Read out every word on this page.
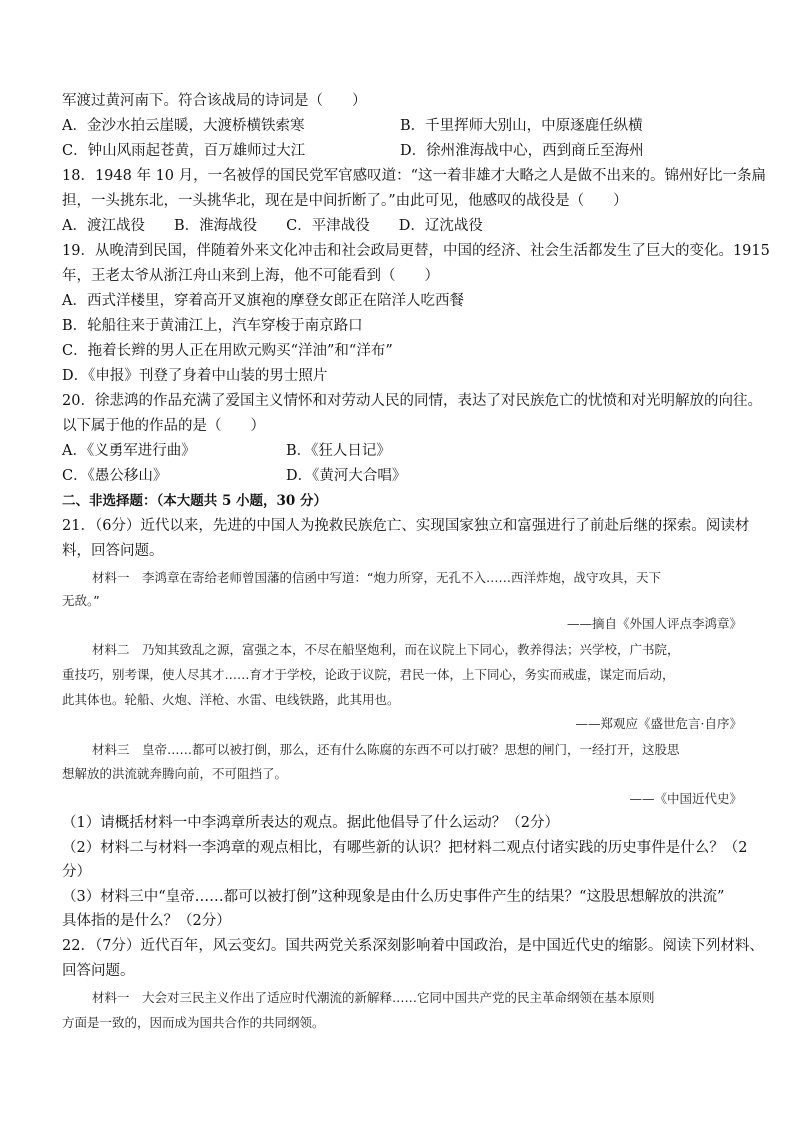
军渡过黄河南下。符合该战局的诗词是（　　）
A．金沙水拍云崖暖，大渡桥横铁索寒	B．千里挥师大别山，中原逐鹿任纵横
C．钟山风雨起苍黄，百万雄师过大江	D．徐州淮海战中心，西到商丘至海州
18．1948 年 10 月，一名被俘的国民党军官感叹道：“这一着非雄才大略之人是做不出来的。锦州好比一条扁
担，一头挑东北，一头挑华北，现在是中间折断了。”由此可见，他感叹的战役是（　　）
A．渡江战役　　B．淮海战役　　C．平津战役　　D．辽沈战役
19．从晚清到民国，伴随着外来文化冲击和社会政局更替，中国的经济、社会生活都发生了巨大的变化。1915
年，王老太爷从浙江舟山来到上海，他不可能看到（　　）
A．西式洋楼里，穿着高开叉旗袍的摩登女郎正在陪洋人吃西餐
B．轮船往来于黄浦江上，汽车穿梭于南京路口
C．拖着长辫的男人正在用欧元购买“洋油”和“洋布”
D．《申报》刊登了身着中山装的男士照片
20．徐悲鸿的作品充满了爱国主义情怀和对劳动人民的同情，表达了对民族危亡的忧愤和对光明解放的向往。
以下属于他的作品的是（　　）
A．《义勇军进行曲》	B．《狂人日记》
C．《愚公移山》	D．《黄河大合唱》
二、非选择题：（本大题共 5 小题，30 分）
21．（6分）近代以来，先进的中国人为挽救民族危亡、实现国家独立和富强进行了前赴后继的探索。阅读材
料，回答问题。
材料一　李鸿章在寄给老师曾国藩的信函中写道：“炮力所穿，无孔不入……西洋炸炮，战守攻具，天下
无敌。”
——摘自《外国人评点李鸿章》
材料二　乃知其致乱之源，富强之本，不尽在船坚炮利，而在议院上下同心，教养得法；兴学校，广书院，
重技巧，别考课，使人尽其才……育才于学校，论政于议院，君民一体，上下同心，务实而戒虚，谋定而后动，
此其体也。轮船、火炮、洋枪、水雷、电线铁路，此其用也。
——郑观应《盛世危言·自序》
材料三　皇帝……都可以被打倒，那么，还有什么陈腐的东西不可以打破？思想的闸门，一经打开，这股思
想解放的洪流就奔腾向前，不可阻挡了。
——《中国近代史》
（1）请概括材料一中李鸿章所表达的观点。据此他倡导了什么运动？（2分）
（2）材料二与材料一李鸿章的观点相比，有哪些新的认识？把材料二观点付诸实践的历史事件是什么？（2
分）
（3）材料三中“皇帝……都可以被打倒”这种现象是由什么历史事件产生的结果？“这股思想解放的洪流”
具体指的是什么？（2分）
22．（7分）近代百年，风云变幻。国共两党关系深刻影响着中国政治，是中国近代史的缩影。阅读下列材料、
回答问题。
材料一　大会对三民主义作出了适应时代潮流的新解释……它同中国共产党的民主革命纲领在基本原则
方面是一致的，因而成为国共合作的共同纲领。
